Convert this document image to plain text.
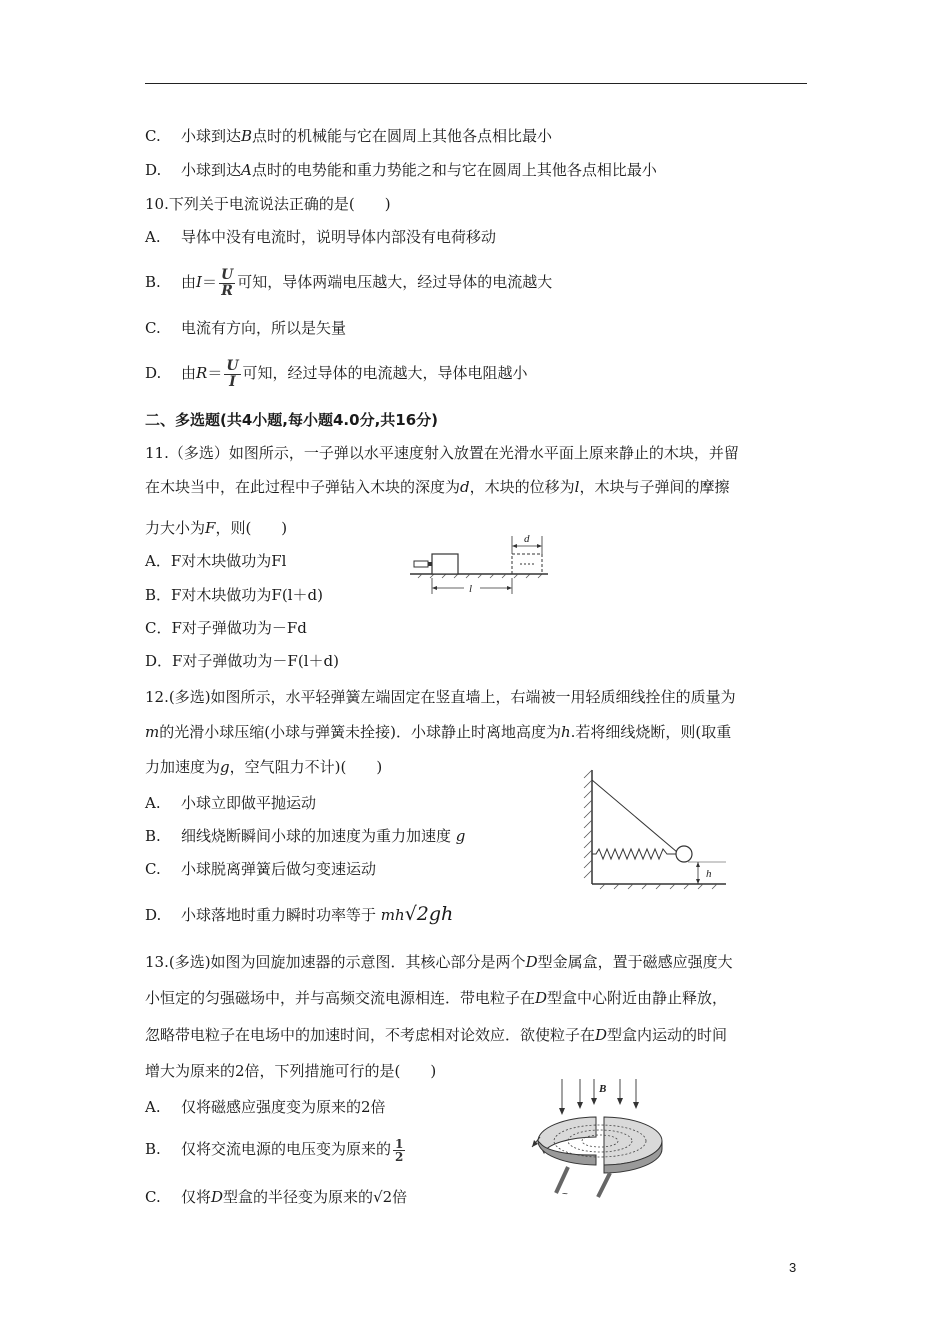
C. 小球到达B点时的机械能与它在圆周上其他各点相比最小
D. 小球到达A点时的电势能和重力势能之和与它在圆周上其他各点相比最小
10.下列关于电流说法正确的是(　　)
A. 导体中没有电流时，说明导体内部没有电荷移动
B. 由$I= \frac{U}{R}$ 可知，导体两端电压越大，经过导体的电流越大
C. 电流有方向，所以是矢量
D. 由$R= \frac{U}{I}$ 可知，经过导体的电流越大，导体电阻越小
二、多选题(共4小题,每小题4.0分,共16分)
11.（多选）如图所示，一子弹以水平速度射入放置在光滑水平面上原来静止的木块，并留
在木块当中，在此过程中子弹钻入木块的深度为d，木块的位移为l，木块与子弹间的摩擦
力大小为F，则(　　)
A．F对木块做功为Fl
B．F对木块做功为F(l＋d)
C．F对子弹做功为－Fd
D．F对子弹做功为－F(l＋d)
d
l
12.(多选)如图所示，水平轻弹簧左端固定在竖直墙上，右端被一用轻质细线拴住的质量为
m的光滑小球压缩(小球与弹簧未拴接)．小球静止时离地高度为h.若将细线烧断，则(取重
力加速度为g，空气阻力不计)(　　)
A. 小球立即做平抛运动
B. 细线烧断瞬间小球的加速度为重力加速度 g
C. 小球脱离弹簧后做匀变速运动
D. 小球落地时重力瞬时功率等于 mh√2gh
h
13.(多选)如图为回旋加速器的示意图．其核心部分是两个D型金属盒，置于磁感应强度大
小恒定的匀强磁场中，并与高频交流电源相连．带电粒子在D型盒中心附近由静止释放，
忽略带电粒子在电场中的加速时间，不考虑相对论效应．欲使粒子在D型盒内运动的时间
增大为原来的2倍，下列措施可行的是(　　)
A. 仅将磁感应强度变为原来的2倍
B. 仅将交流电源的电压变为原来的 $\frac{1}{2}$
C. 仅将D型盒的半径变为原来的√2倍
B
~
3
